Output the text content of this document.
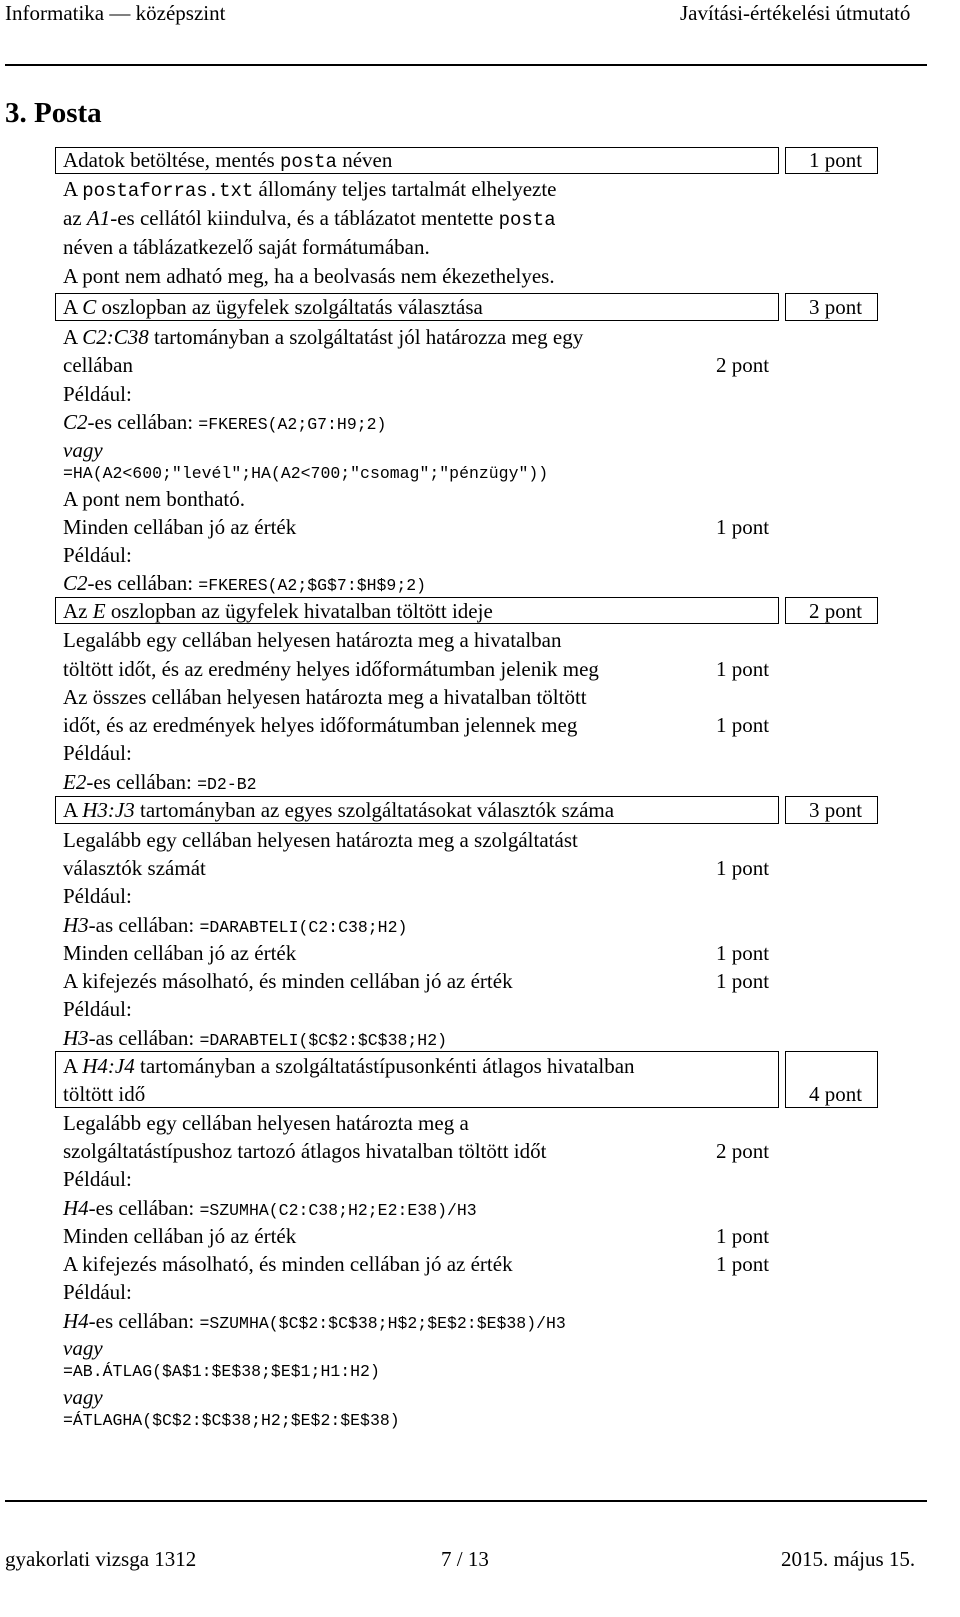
Informatika — középszint	Javítási-értékelési útmutató
3. Posta
Adatok betöltése, mentés posta néven	1 pont
A postaforras.txt állomány teljes tartalmát elhelyezte
az A1-es cellától kiindulva, és a táblázatot mentette posta
néven a táblázatkezelő saját formátumában.
A pont nem adható meg, ha a beolvasás nem ékezethelyes.
A C oszlopban az ügyfelek szolgáltatás választása	3 pont
A C2:C38 tartományban a szolgáltatást jól határozza meg egy
cellában	2 pont
Például:
C2-es cellában: =FKERES(A2;G7:H9;2)
vagy
=HA(A2<600;"levél";HA(A2<700;"csomag";"pénzügy"))
A pont nem bontható.
Minden cellában jó az érték	1 pont
Például:
C2-es cellában: =FKERES(A2;$G$7:$H$9;2)
Az E oszlopban az ügyfelek hivatalban töltött ideje	2 pont
Legalább egy cellában helyesen határozta meg a hivatalban
töltött időt, és az eredmény helyes időformátumban jelenik meg	1 pont
Az összes cellában helyesen határozta meg a hivatalban töltött
időt, és az eredmények helyes időformátumban jelennek meg	1 pont
Például:
E2-es cellában: =D2-B2
A H3:J3 tartományban az egyes szolgáltatásokat választók száma	3 pont
Legalább egy cellában helyesen határozta meg a szolgáltatást
választók számát	1 pont
Például:
H3-as cellában: =DARABTELI(C2:C38;H2)
Minden cellában jó az érték	1 pont
A kifejezés másolható, és minden cellában jó az érték	1 pont
Például:
H3-as cellában: =DARABTELI($C$2:$C$38;H2)
A H4:J4 tartományban a szolgáltatástípusonkénti átlagos hivatalban
töltött idő	4 pont
Legalább egy cellában helyesen határozta meg a
szolgáltatástípushoz tartozó átlagos hivatalban töltött időt	2 pont
Például:
H4-es cellában: =SZUMHA(C2:C38;H2;E2:E38)/H3
Minden cellában jó az érték	1 pont
A kifejezés másolható, és minden cellában jó az érték	1 pont
Például:
H4-es cellában: =SZUMHA($C$2:$C$38;H$2;$E$2:$E$38)/H3
vagy
=AB.ÁTLAG($A$1:$E$38;$E$1;H1:H2)
vagy
=ÁTLAGHA($C$2:$C$38;H2;$E$2:$E$38)
gyakorlati vizsga 1312	7 / 13	2015. május 15.
